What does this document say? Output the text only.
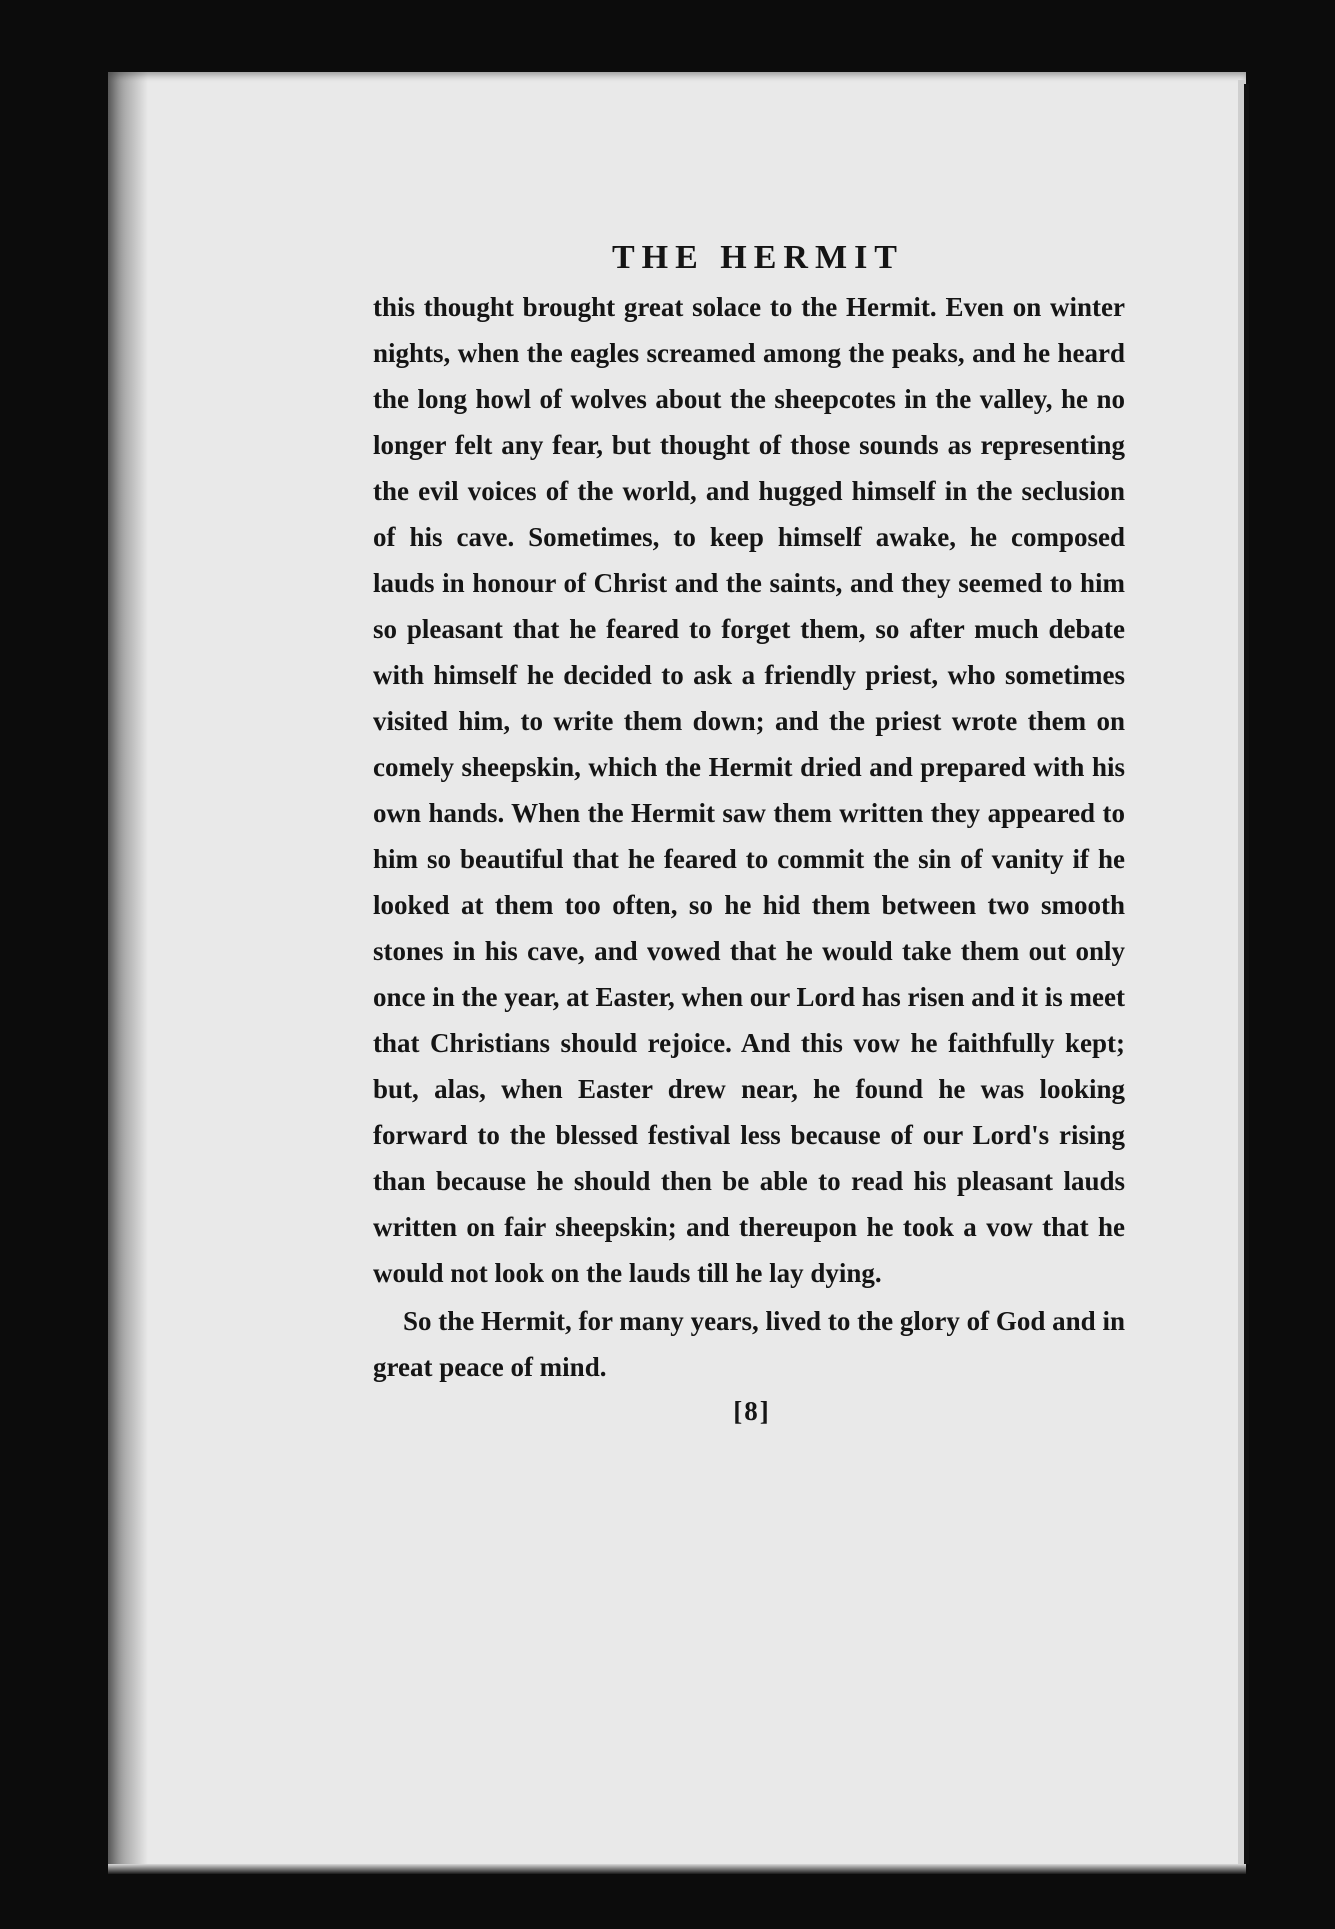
THE HERMIT

this thought brought great solace to the Hermit. Even on winter nights, when the eagles screamed among the peaks, and he heard the long howl of wolves about the sheepcotes in the valley, he no longer felt any fear, but thought of those sounds as representing the evil voices of the world, and hugged himself in the seclusion of his cave. Sometimes, to keep himself awake, he composed lauds in honour of Christ and the saints, and they seemed to him so pleasant that he feared to forget them, so after much debate with himself he decided to ask a friendly priest, who sometimes visited him, to write them down; and the priest wrote them on comely sheepskin, which the Hermit dried and prepared with his own hands. When the Hermit saw them written they appeared to him so beautiful that he feared to commit the sin of vanity if he looked at them too often, so he hid them between two smooth stones in his cave, and vowed that he would take them out only once in the year, at Easter, when our Lord has risen and it is meet that Christians should rejoice. And this vow he faithfully kept; but, alas, when Easter drew near, he found he was looking forward to the blessed festival less because of our Lord's rising than because he should then be able to read his pleasant lauds written on fair sheepskin; and thereupon he took a vow that he would not look on the lauds till he lay dying.

So the Hermit, for many years, lived to the glory of God and in great peace of mind.

[8]
